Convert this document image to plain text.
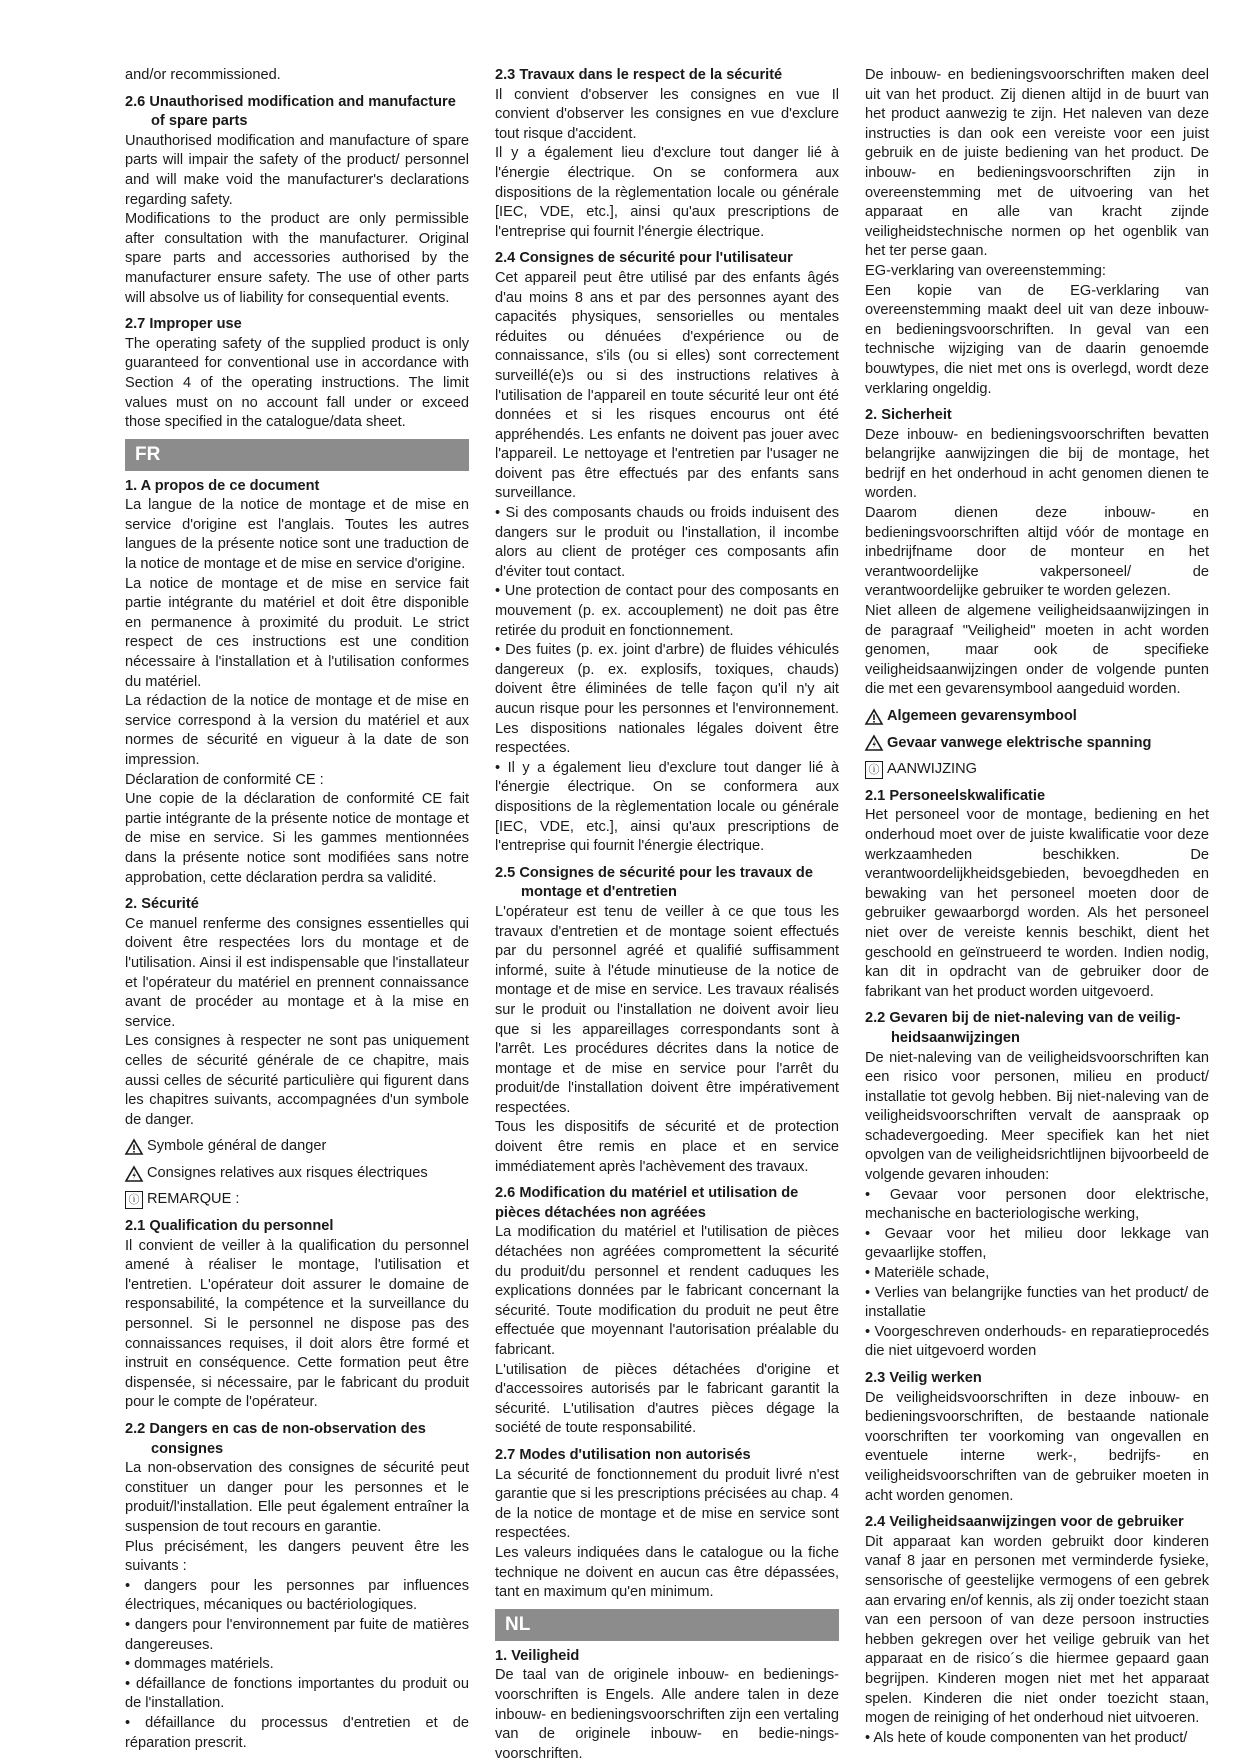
and/or recommissioned.

2.6 Unauthorised modification and manufacture
of spare parts

Unauthorised modification and manufacture of spare parts will impair the safety of the product/ personnel and will make void the manufacturer's declarations regarding safety.

Modifications to the product are only permissible after consultation with the manufacturer. Original spare parts and accessories authorised by the manufacturer ensure safety. The use of other parts will absolve us of liability for consequential events.

2.7 Improper use

The operating safety of the supplied product is only guaranteed for conventional use in accordance with Section 4 of the operating instructions. The limit values must on no account fall under or exceed those specified in the catalogue/data sheet.

FR
1. A propos de ce document

La langue de la notice de montage et de mise en service d'origine est l'anglais. Toutes les autres langues de la présente notice sont une traduction de la notice de montage et de mise en service d'origine.

La notice de montage et de mise en service fait partie intégrante du matériel et doit être disponible en permanence à proximité du produit. Le strict respect de ces instructions est une condition nécessaire à l'installation et à l'utilisation conformes du matériel.

La rédaction de la notice de montage et de mise en service correspond à la version du matériel et aux normes de sécurité en vigueur à la date de son impression.

Déclaration de conformité CE :

Une copie de la déclaration de conformité CE fait partie intégrante de la présente notice de montage et de mise en service. Si les gammes mentionnées dans la présente notice sont modifiées sans notre approbation, cette déclaration perdra sa validité.

2. Sécurité

Ce manuel renferme des consignes essentielles qui doivent être respectées lors du montage et de l'utilisation. Ainsi il est indispensable que l'installateur et l'opérateur du matériel en prennent connaissance avant de procéder au montage et à la mise en service.

Les consignes à respecter ne sont pas uniquement celles de sécurité générale de ce chapitre, mais aussi celles de sécurité particulière qui figurent dans les chapitres suivants, accompagnées d'un symbole de danger.

Symbole général de danger
Consignes relatives aux risques électriques
ⓘ REMARQUE :
2.1 Qualification du personnel

Il convient de veiller à la qualification du personnel amené à réaliser le montage, l'utilisation et l'entretien. L'opérateur doit assurer le domaine de responsabilité, la compétence et la surveillance du personnel. Si le personnel ne dispose pas des connaissances requises, il doit alors être formé et instruit en conséquence. Cette formation peut être dispensée, si nécessaire, par le fabricant du produit pour le compte de l'opérateur.

2.2 Dangers en cas de non-observation des
consignes

La non-observation des consignes de sécurité peut constituer un danger pour les personnes et le produit/l'installation. Elle peut également entraîner la suspension de tout recours en garantie.

Plus précisément, les dangers peuvent être les suivants :

• dangers pour les personnes par influences électriques, mécaniques ou bactériologiques.

• dangers pour l'environnement par fuite de matières dangereuses.

• dommages matériels.

• défaillance de fonctions importantes du produit ou de l'installation.

• défaillance du processus d'entretien et de réparation prescrit.

2.3 Travaux dans le respect de la sécurité

Il convient d'observer les consignes en vue Il convient d'observer les consignes en vue d'exclure tout risque d'accident.

Il y a également lieu d'exclure tout danger lié à l'énergie électrique. On se conformera aux dispositions de la règlementation locale ou générale [IEC, VDE, etc.], ainsi qu'aux prescriptions de l'entreprise qui fournit l'énergie électrique.

2.4 Consignes de sécurité pour l'utilisateur

Cet appareil peut être utilisé par des enfants âgés d'au moins 8 ans et par des personnes ayant des capacités physiques, sensorielles ou mentales réduites ou dénuées d'expérience ou de connaissance, s'ils (ou si elles) sont correctement surveillé(e)s ou si des instructions relatives à l'utilisation de l'appareil en toute sécurité leur ont été données et si les risques encourus ont été appréhendés. Les enfants ne doivent pas jouer avec l'appareil. Le nettoyage et l'entretien par l'usager ne doivent pas être effectués par des enfants sans surveillance.

• Si des composants chauds ou froids induisent des dangers sur le produit ou l'installation, il incombe alors au client de protéger ces composants afin d'éviter tout contact.

• Une protection de contact pour des composants en mouvement (p. ex. accouplement) ne doit pas être retirée du produit en fonctionnement.

• Des fuites (p. ex. joint d'arbre) de fluides véhiculés dangereux (p. ex. explosifs, toxiques, chauds) doivent être éliminées de telle façon qu'il n'y ait aucun risque pour les personnes et l'environnement. Les dispositions nationales légales doivent être respectées.

• Il y a également lieu d'exclure tout danger lié à l'énergie électrique. On se conformera aux dispositions de la règlementation locale ou générale [IEC, VDE, etc.], ainsi qu'aux prescriptions de l'entreprise qui fournit l'énergie électrique.

2.5 Consignes de sécurité pour les travaux de
montage et d'entretien

L'opérateur est tenu de veiller à ce que tous les travaux d'entretien et de montage soient effectués par du personnel agréé et qualifié suffisamment informé, suite à l'étude minutieuse de la notice de montage et de mise en service. Les travaux réalisés sur le produit ou l'installation ne doivent avoir lieu que si les appareillages correspondants sont à l'arrêt. Les procédures décrites dans la notice de montage et de mise en service pour l'arrêt du produit/de l'installation doivent être impérativement respectées.

Tous les dispositifs de sécurité et de protection doivent être remis en place et en service immédiatement après l'achèvement des travaux.

2.6 Modification du matériel et utilisation de pièces détachées non agréées

La modification du matériel et l'utilisation de pièces détachées non agréées compromettent la sécurité du produit/du personnel et rendent caduques les explications données par le fabricant concernant la sécurité. Toute modification du produit ne peut être effectuée que moyennant l'autorisation préalable du fabricant.

L'utilisation de pièces détachées d'origine et d'accessoires autorisés par le fabricant garantit la sécurité. L'utilisation d'autres pièces dégage la société de toute responsabilité.

2.7 Modes d'utilisation non autorisés

La sécurité de fonctionnement du produit livré n'est garantie que si les prescriptions précisées au chap. 4 de la notice de montage et de mise en service sont respectées.

Les valeurs indiquées dans le catalogue ou la fiche technique ne doivent en aucun cas être dépassées, tant en maximum qu'en minimum.

NL
1. Veiligheid

De taal van de originele inbouw- en bedienings-voorschriften is Engels. Alle andere talen in deze inbouw- en bedieningsvoorschriften zijn een vertaling van de originele inbouw- en bedie-nings-voorschriften.

De inbouw- en bedieningsvoorschriften maken deel uit van het product. Zij dienen altijd in de buurt van het product aanwezig te zijn. Het naleven van deze instructies is dan ook een vereiste voor een juist gebruik en de juiste bediening van het product. De inbouw- en bedieningsvoorschriften zijn in overeenstemming met de uitvoering van het apparaat en alle van kracht zijnde veiligheidstechnische normen op het ogenblik van het ter perse gaan.

EG-verklaring van overeenstemming:

Een kopie van de EG-verklaring van overeenstemming maakt deel uit van deze inbouw- en bedieningsvoorschriften. In geval van een technische wijziging van de daarin genoemde bouwtypes, die niet met ons is overlegd, wordt deze verklaring ongeldig.

2. Sicherheit

Deze inbouw- en bedieningsvoorschriften bevatten belangrijke aanwijzingen die bij de montage, het bedrijf en het onderhoud in acht genomen dienen te worden.

Daarom dienen deze inbouw- en bedieningsvoorschriften altijd vóór de montage en inbedrijfname door de monteur en het verantwoordelijke vakpersoneel/ de verantwoordelijke gebruiker te worden gelezen.

Niet alleen de algemene veiligheidsaanwijzingen in de paragraaf "Veiligheid" moeten in acht worden genomen, maar ook de specifieke veiligheidsaanwijzingen onder de volgende punten die met een gevarensymbool aangeduid worden.

Algemeen gevarensymbool
Gevaar vanwege elektrische spanning
ⓘ AANWIJZING
2.1 Personeelskwalificatie

Het personeel voor de montage, bediening en het onderhoud moet over de juiste kwalificatie voor deze werkzaamheden beschikken. De verantwoordelijkheidsgebieden, bevoegdheden en bewaking van het personeel moeten door de gebruiker gewaarborgd worden. Als het personeel niet over de vereiste kennis beschikt, dient het geschoold en geïnstrueerd te worden. Indien nodig, kan dit in opdracht van de gebruiker door de fabrikant van het product worden uitgevoerd.

2.2 Gevaren bij de niet-naleving van de veilig-
heidsaanwijzingen

De niet-naleving van de veiligheidsvoorschriften kan een risico voor personen, milieu en product/ installatie tot gevolg hebben. Bij niet-naleving van de veiligheidsvoorschriften vervalt de aanspraak op schadevergoeding. Meer specifiek kan het niet opvolgen van de veiligheidsrichtlijnen bijvoorbeeld de volgende gevaren inhouden:

• Gevaar voor personen door elektrische, mechanische en bacteriologische werking,

• Gevaar voor het milieu door lekkage van gevaarlijke stoffen,

• Materiële schade,

• Verlies van belangrijke functies van het product/ de installatie

• Voorgeschreven onderhouds- en reparatieprocedés die niet uitgevoerd worden

2.3 Veilig werken

De veiligheidsvoorschriften in deze inbouw- en bedieningsvoorschriften, de bestaande nationale voorschriften ter voorkoming van ongevallen en eventuele interne werk-, bedrijfs- en veiligheidsvoorschriften van de gebruiker moeten in acht worden genomen.

2.4 Veiligheidsaanwijzingen voor de gebruiker

Dit apparaat kan worden gebruikt door kinderen vanaf 8 jaar en personen met verminderde fysieke, sensorische of geestelijke vermogens of een gebrek aan ervaring en/of kennis, als zij onder toezicht staan van een persoon of van deze persoon instructies hebben gekregen over het veilige gebruik van het apparaat en de risico´s die hiermee gepaard gaan begrijpen. Kinderen mogen niet met het apparaat spelen. Kinderen die niet onder toezicht staan, mogen de reiniging of het onderhoud niet uitvoeren.

• Als hete of koude componenten van het product/
